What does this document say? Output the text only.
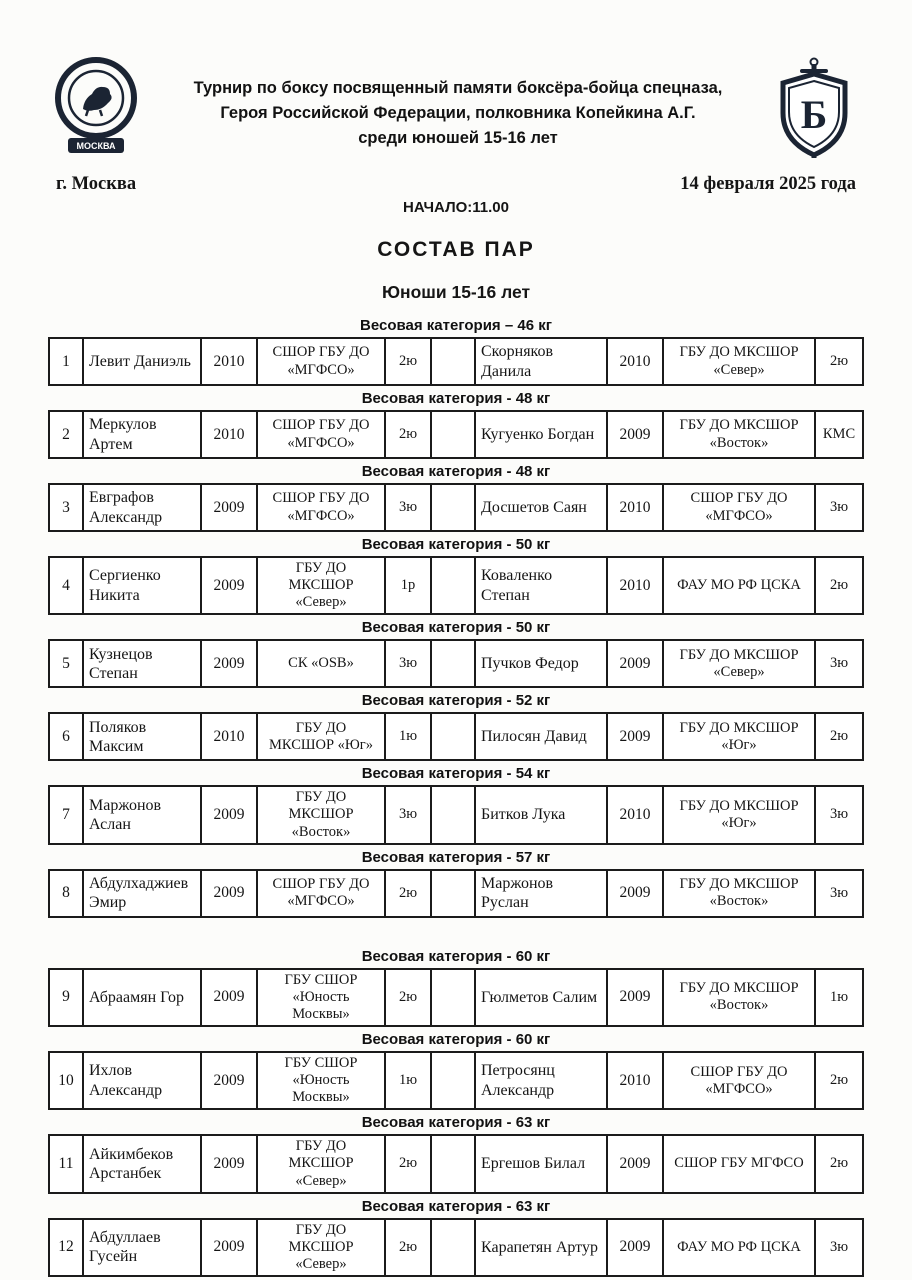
МОСКВА
Турнир по боксу посвященный памяти боксёра-бойца спецназа,
Героя Российской Федерации, полковника Копейкина А.Г.
среди юношей 15-16 лет
Б
г. Москва	14 февраля 2025 года
НАЧАЛО:11.00
СОСТАВ ПАР
Юноши 15-16 лет
Весовая категория – 46 кг
1	Левит Даниэль	2010	СШОР ГБУ ДО «МГФСО»	2ю		Скорняков Данила	2010	ГБУ ДО МКСШОР «Север»	2ю
Весовая категория - 48 кг
2	Меркулов Артем	2010	СШОР ГБУ ДО «МГФСО»	2ю		Кугуенко Богдан	2009	ГБУ ДО МКСШОР «Восток»	КМС
Весовая категория - 48 кг
3	Евграфов Александр	2009	СШОР ГБУ ДО «МГФСО»	3ю		Досшетов Саян	2010	СШОР ГБУ ДО «МГФСО»	3ю
Весовая категория - 50 кг
4	Сергиенко Никита	2009	ГБУ ДО МКСШОР «Север»	1р		Коваленко Степан	2010	ФАУ МО РФ ЦСКА	2ю
Весовая категория - 50 кг
5	Кузнецов Степан	2009	СК «OSB»	3ю		Пучков Федор	2009	ГБУ ДО МКСШОР «Север»	3ю
Весовая категория - 52 кг
6	Поляков Максим	2010	ГБУ ДО МКСШОР «Юг»	1ю		Пилосян Давид	2009	ГБУ ДО МКСШОР «Юг»	2ю
Весовая категория - 54 кг
7	Маржонов Аслан	2009	ГБУ ДО МКСШОР «Восток»	3ю		Битков Лука	2010	ГБУ ДО МКСШОР «Юг»	3ю
Весовая категория - 57 кг
8	Абдулхаджиев Эмир	2009	СШОР ГБУ ДО «МГФСО»	2ю		Маржонов Руслан	2009	ГБУ ДО МКСШОР «Восток»	3ю
Весовая категория - 60 кг
9	Абраамян Гор	2009	ГБУ СШОР «Юность Москвы»	2ю		Гюлметов Салим	2009	ГБУ ДО МКСШОР «Восток»	1ю
Весовая категория - 60 кг
10	Ихлов Александр	2009	ГБУ СШОР «Юность Москвы»	1ю		Петросянц Александр	2010	СШОР ГБУ ДО «МГФСО»	2ю
Весовая категория - 63 кг
11	Айкимбеков Арстанбек	2009	ГБУ ДО МКСШОР «Север»	2ю		Ергешов Билал	2009	СШОР ГБУ МГФСО	2ю
Весовая категория - 63 кг
12	Абдуллаев Гусейн	2009	ГБУ ДО МКСШОР «Север»	2ю		Карапетян Артур	2009	ФАУ МО РФ ЦСКА	3ю
